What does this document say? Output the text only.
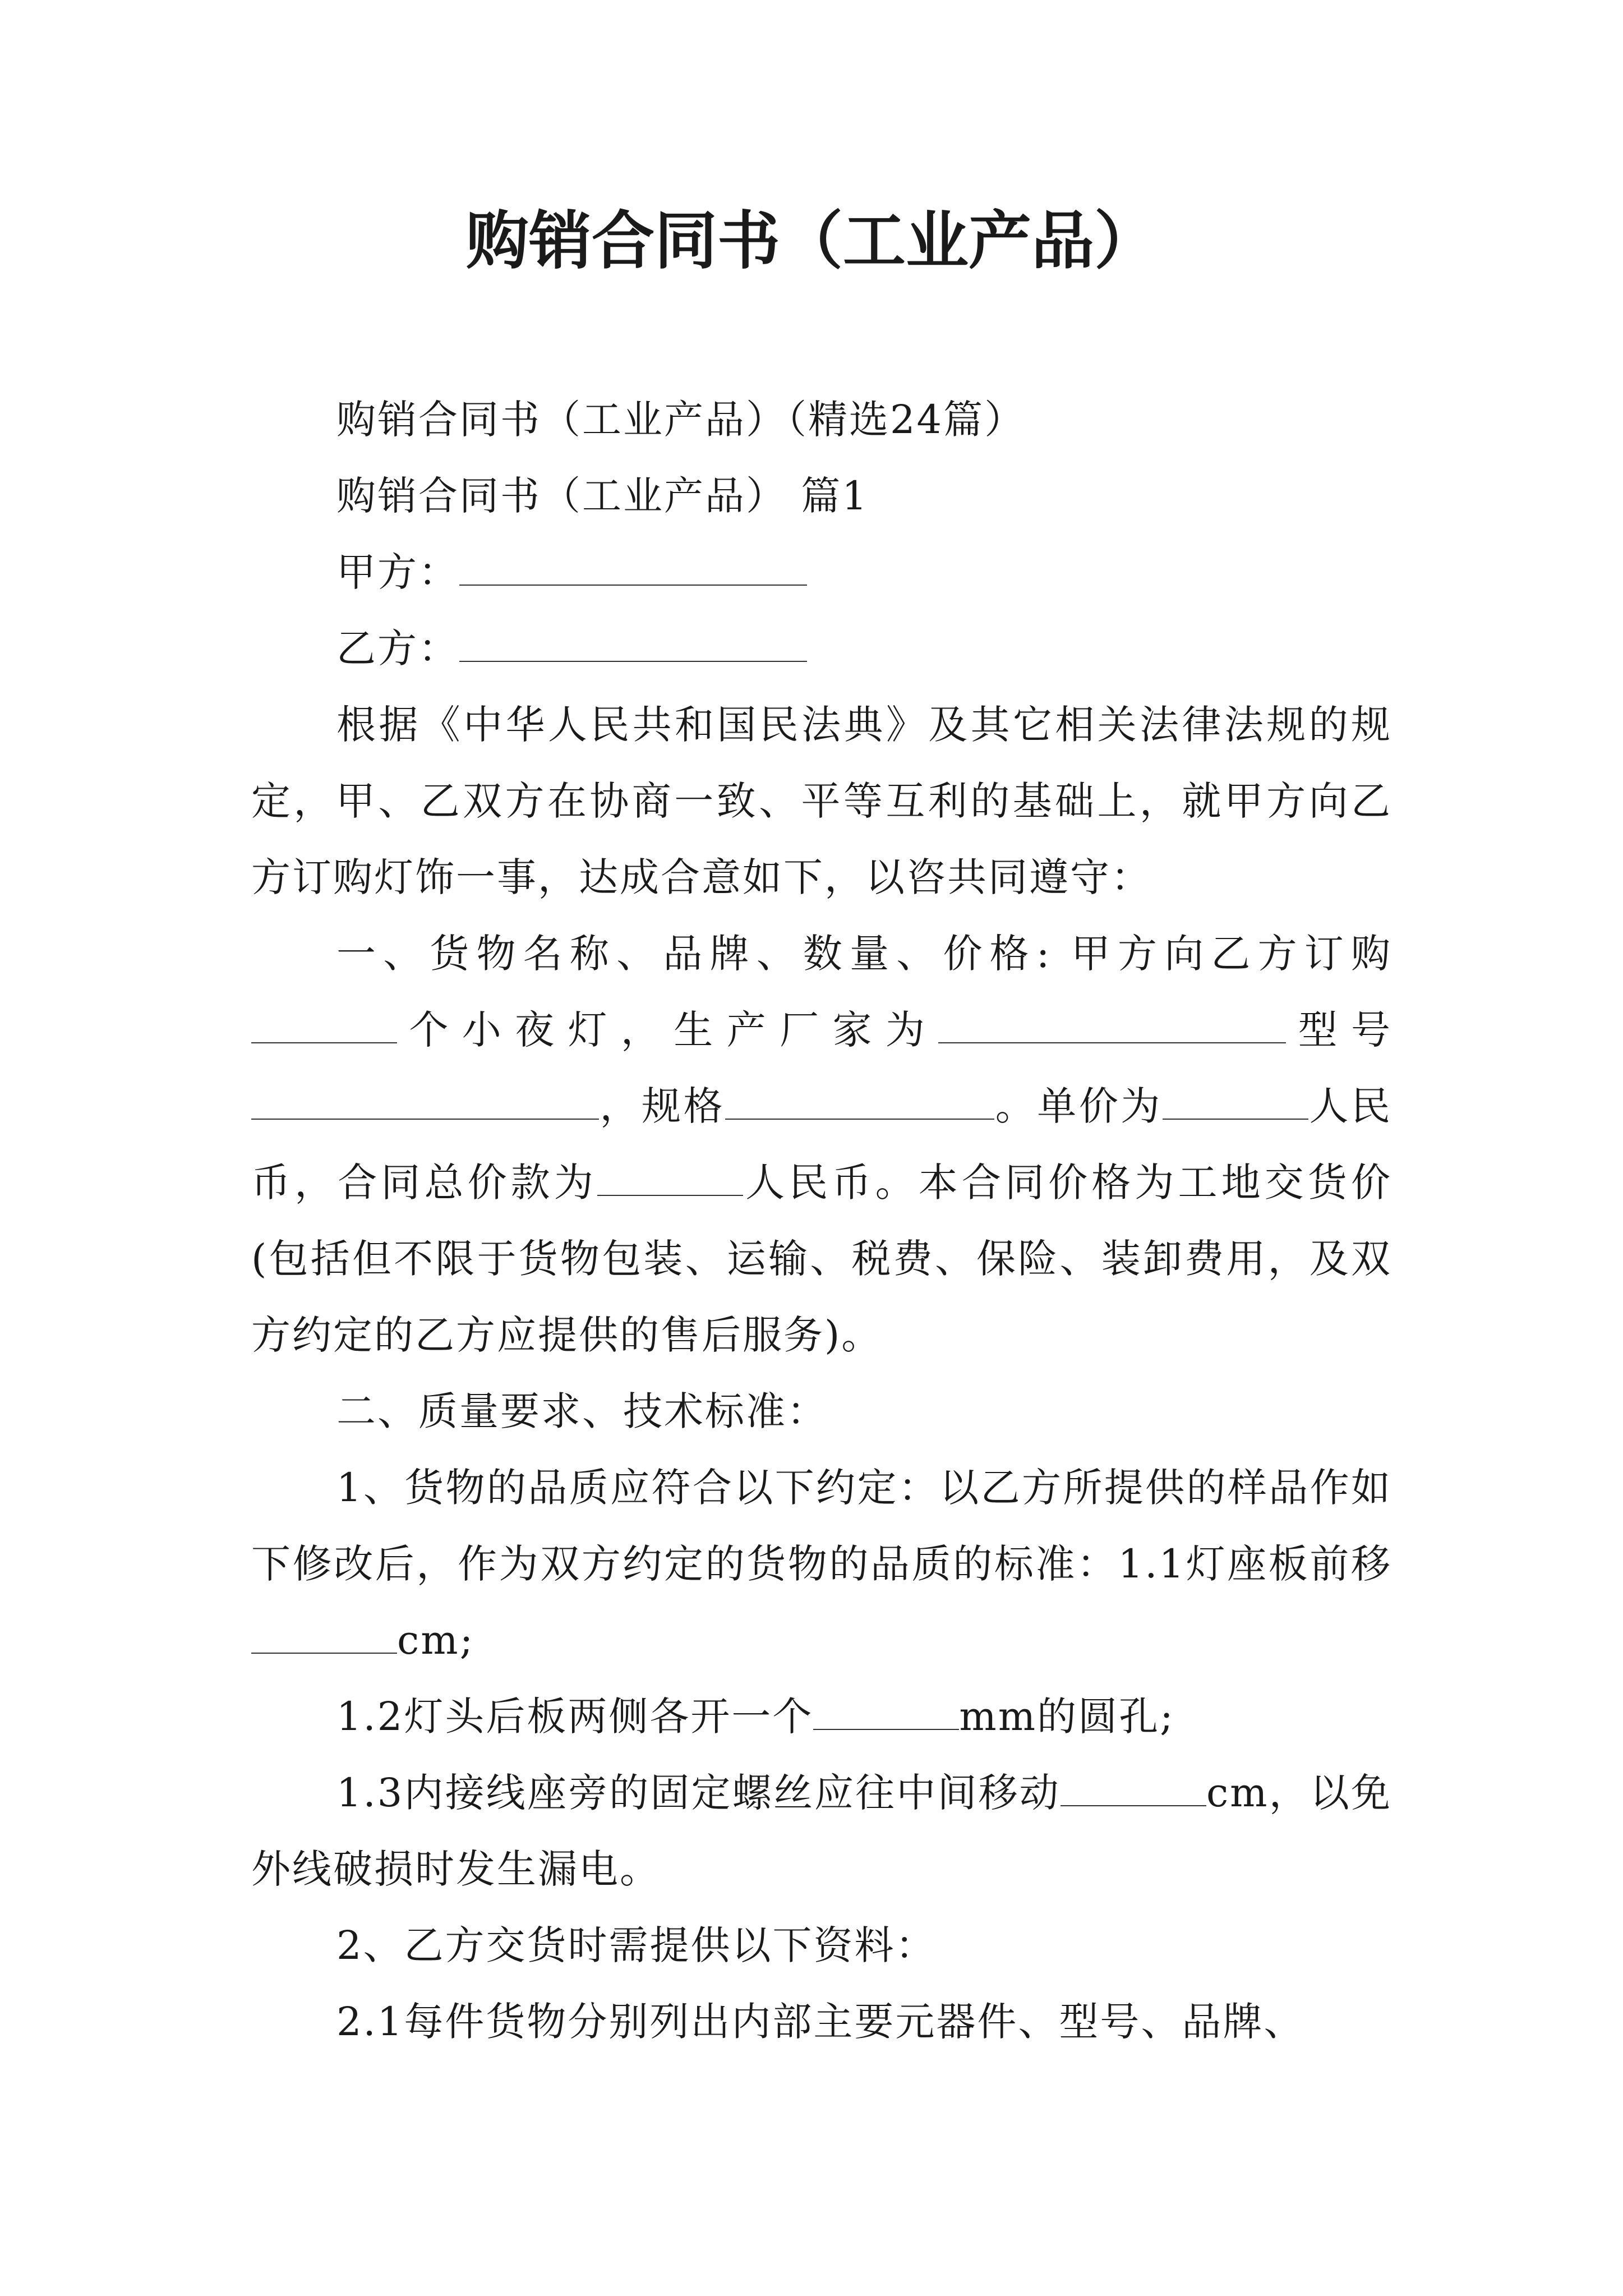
购销合同书（工业产品）

购销合同书（工业产品）（精选24篇）

购销合同书（工业产品） 篇1

甲方：

乙方：

根据《中华人民共和国民法典》及其它相关法律法规的规定，甲、乙双方在协商一致、平等互利的基础上，就甲方向乙方订购灯饰一事，达成合意如下，以咨共同遵守：

一、货物名称、品牌、数量、价格: 甲方向乙方订购个小夜灯，生产厂家为	型号，规格	。单价为	人民币，合同总价款为	人民币。本合同价格为工地交货价(包括但不限于货物包装、运输、税费、保险、装卸费用，及双方约定的乙方应提供的售后服务)。

二、质量要求、技术标准：

1、货物的品质应符合以下约定：以乙方所提供的样品作如下修改后，作为双方约定的货物的品质的标准：1.1灯座板前移cm;

1.2灯头后板两侧各开一个	mm的圆孔;

1.3内接线座旁的固定螺丝应往中间移动	cm，以免外线破损时发生漏电。

2、乙方交货时需提供以下资料：

2.1每件货物分别列出内部主要元器件、型号、品牌、
